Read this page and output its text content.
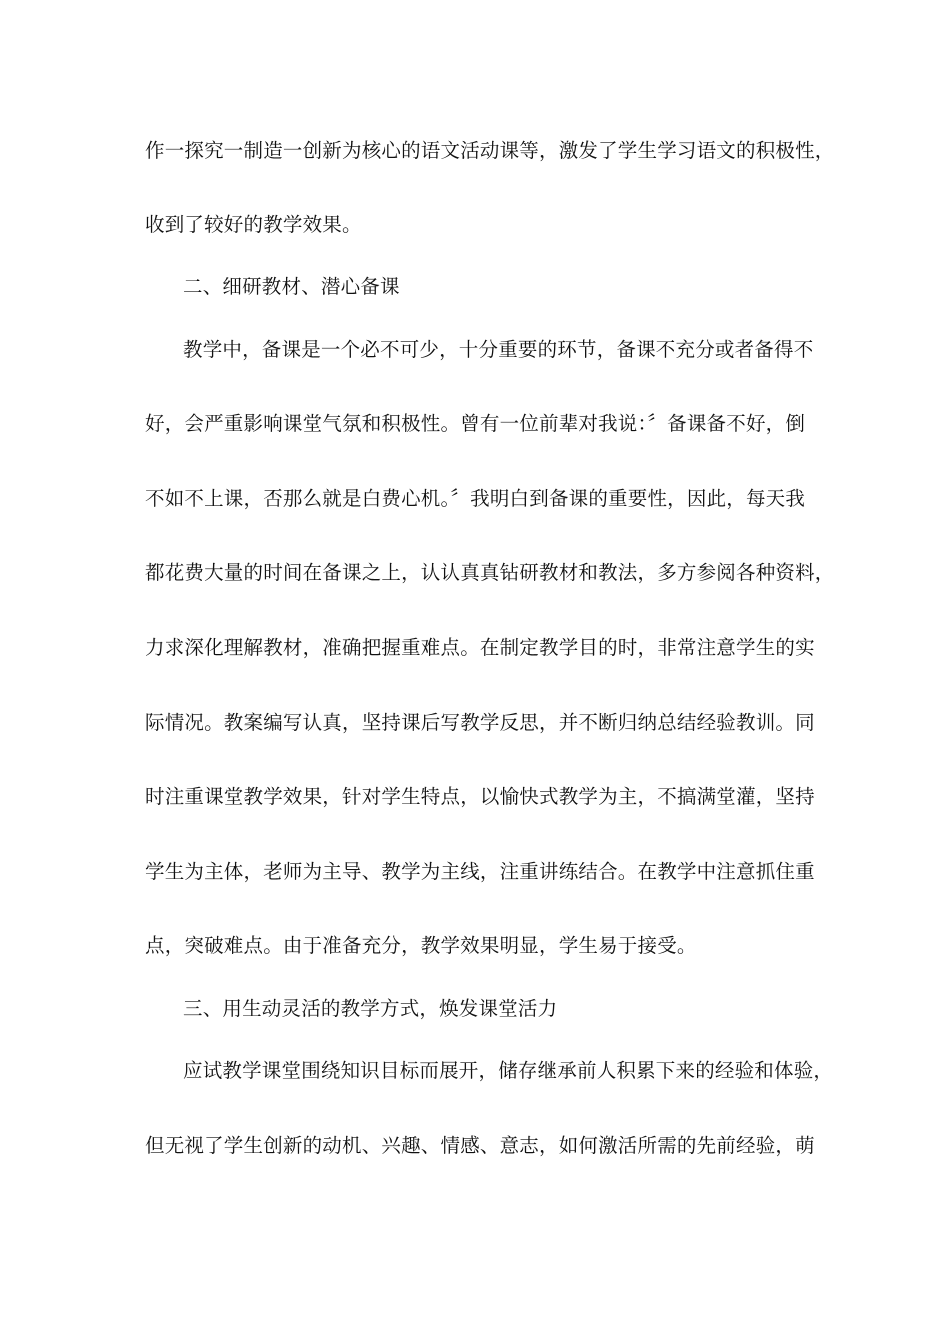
作一探究一制造一创新为核心的语文活动课等，激发了学生学习语文的积极性，
收到了较好的教学效果。
二、细研教材、潜心备课
教学中，备课是一个必不可少，十分重要的环节，备课不充分或者备得不
好，会严重影响课堂气氛和积极性。曾有一位前辈对我说：〞备课备不好，倒
不如不上课，否那么就是白费心机。〞我明白到备课的重要性，因此，每天我
都花费大量的时间在备课之上，认认真真钻研教材和教法，多方参阅各种资料，
力求深化理解教材，准确把握重难点。在制定教学目的时，非常注意学生的实
际情况。教案编写认真，坚持课后写教学反思，并不断归纳总结经验教训。同
时注重课堂教学效果，针对学生特点，以愉快式教学为主，不搞满堂灌，坚持
学生为主体，老师为主导、教学为主线，注重讲练结合。在教学中注意抓住重
点，突破难点。由于准备充分，教学效果明显，学生易于接受。
三、用生动灵活的教学方式，焕发课堂活力
应试教学课堂围绕知识目标而展开，储存继承前人积累下来的经验和体验，
但无视了学生创新的动机、兴趣、情感、意志，如何激活所需的先前经验，萌
